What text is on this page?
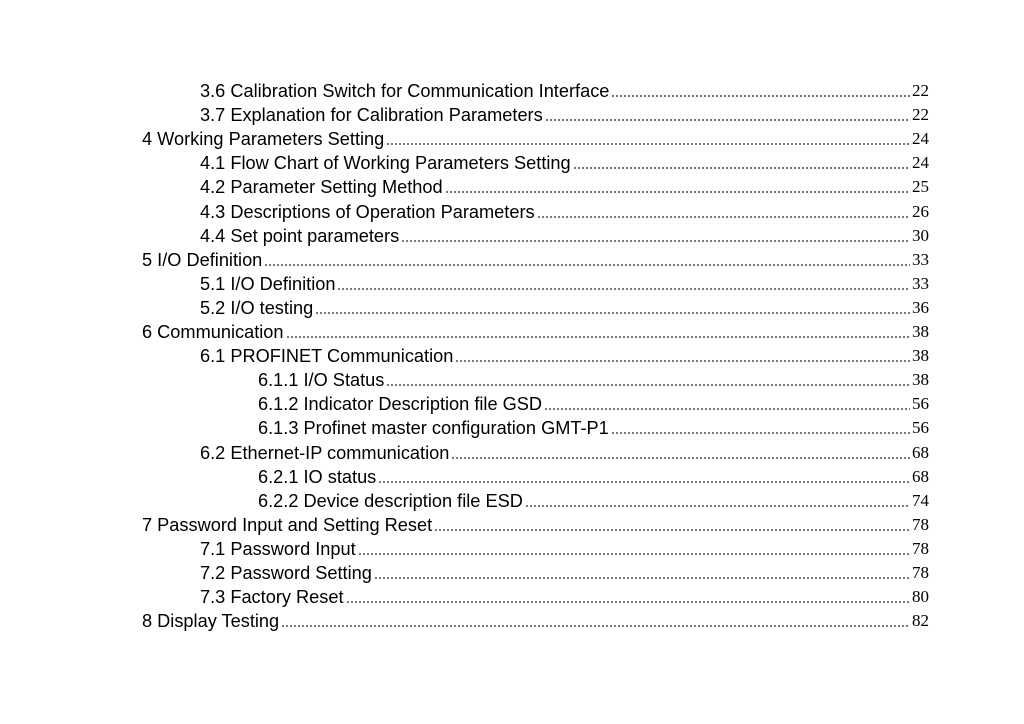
3.6 Calibration Switch for Communication Interface	22
3.7 Explanation for Calibration Parameters	22
4 Working Parameters Setting	24
4.1 Flow Chart of Working Parameters Setting	24
4.2 Parameter Setting Method	25
4.3 Descriptions of Operation Parameters	26
4.4 Set point parameters	30
5 I/O Definition	33
5.1 I/O Definition	33
5.2 I/O testing	36
6 Communication	38
6.1 PROFINET Communication	38
6.1.1 I/O Status	38
6.1.2 Indicator Description file GSD	56
6.1.3 Profinet master configuration GMT-P1	56
6.2 Ethernet-IP communication	68
6.2.1 IO status	68
6.2.2 Device description file ESD	74
7 Password Input and Setting Reset	78
7.1 Password Input	78
7.2 Password Setting	78
7.3 Factory Reset	80
8 Display Testing	82
